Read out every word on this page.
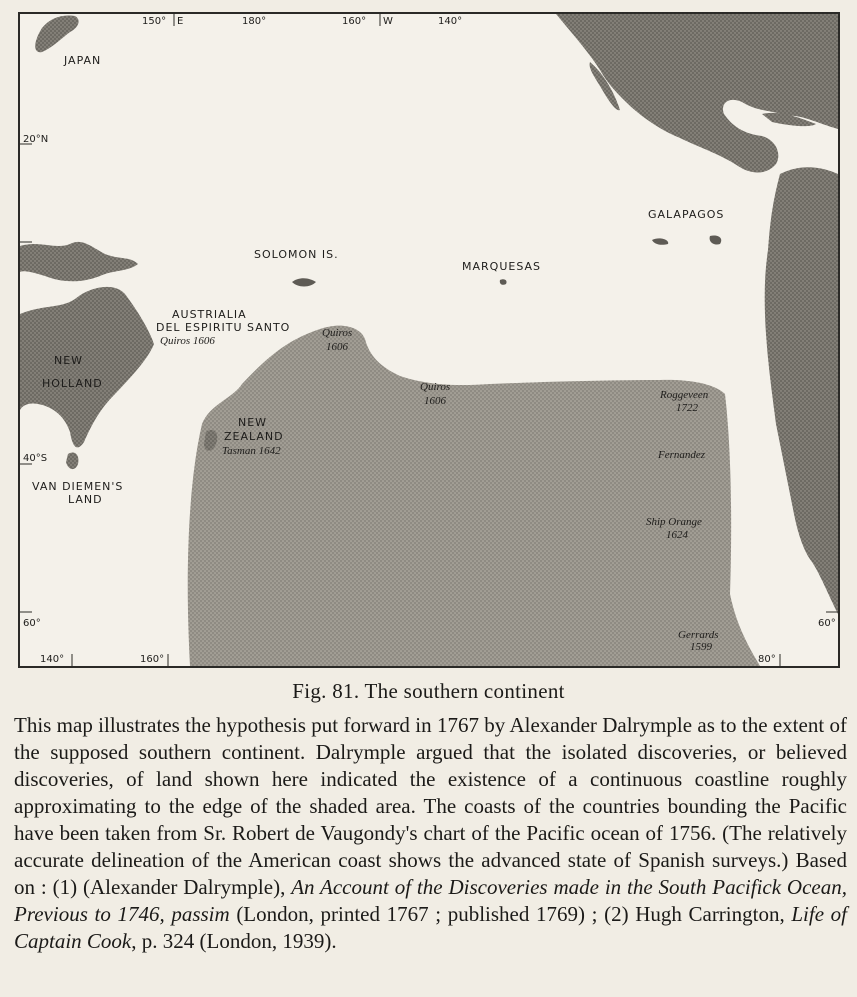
150° E	180°	160° W	140°
20°N
40°S
60°	60°
140°	160°	80°
JAPAN
SOLOMON IS.
MARQUESAS
GALAPAGOS
AUSTRIALIA
DEL ESPIRITU SANTO
Quiros 1606
NEW
HOLLAND
NEW
ZEALAND
Tasman 1642
VAN DIEMEN'S
LAND
Quiros
1606
Quiros
1606	Roggeveen
1722
Fernandez
Ship Orange
1624
Gerrards
1599
Fig. 81. The southern continent
This map illustrates the hypothesis put forward in 1767 by Alexander Dalrymple as to the extent of the supposed southern continent. Dalrymple argued that the isolated discoveries, or believed discoveries, of land shown here indicated the existence of a continuous coastline roughly approximating to the edge of the shaded area. The coasts of the countries bounding the Pacific have been taken from Sr. Robert de Vaugondy's chart of the Pacific ocean of 1756. (The relatively accurate delineation of the American coast shows the advanced state of Spanish surveys.) Based on : (1) (Alexander Dalrymple), An Account of the Discoveries made in the South Pacifick Ocean, Previous to 1746, passim (London, printed 1767 ; published 1769) ; (2) Hugh Carrington, Life of Captain Cook, p. 324 (London, 1939).
